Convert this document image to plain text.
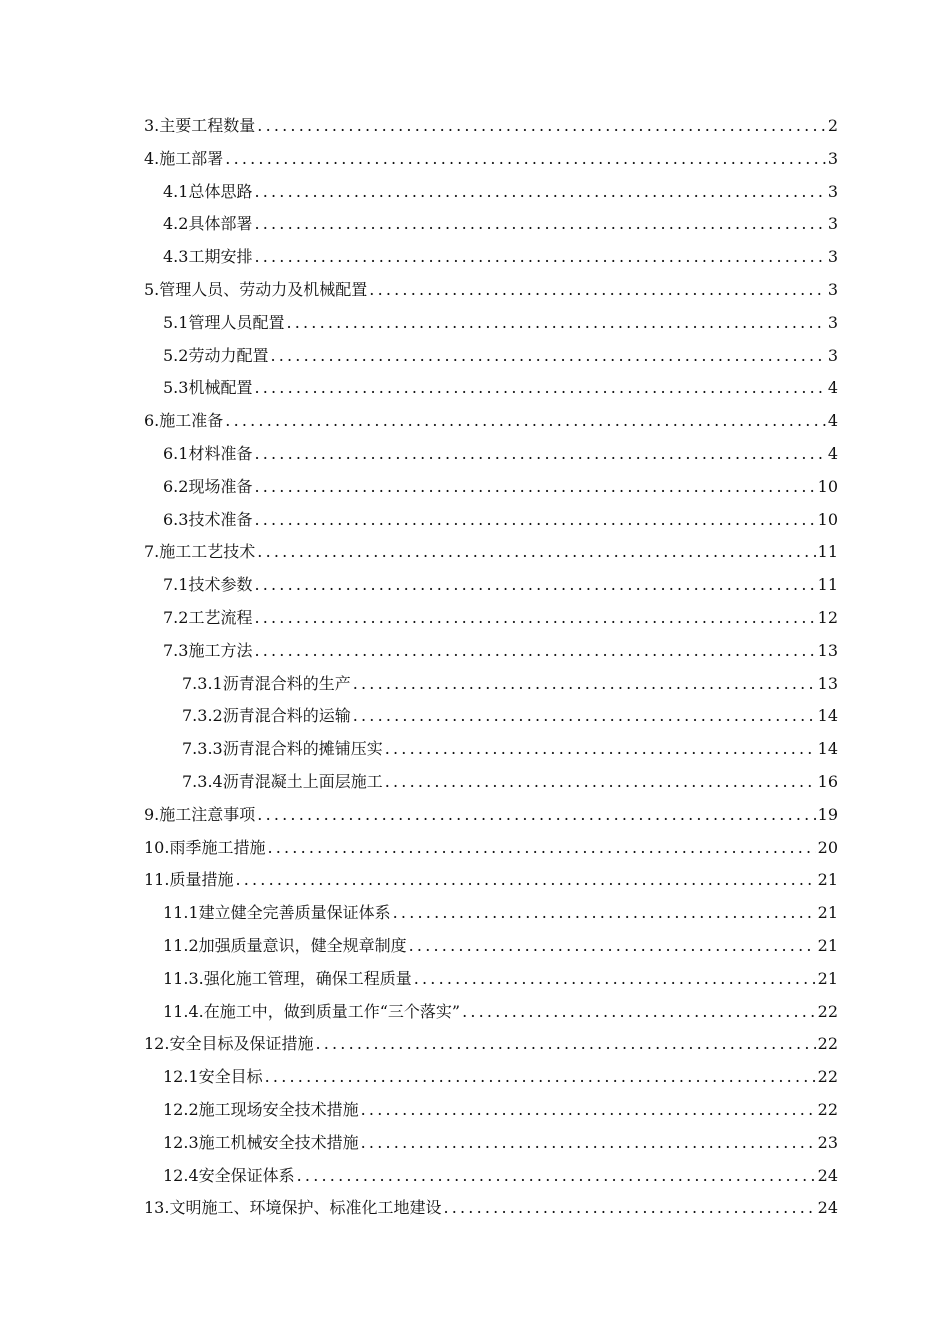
3.主要工程数量 .....	2
4.施工部署 .....	3
4.1总体思路 .....	3
4.2具体部署 .....	3
4.3工期安排 .....	3
5.管理人员、劳动力及机械配置 .....	3
5.1管理人员配置 .....	3
5.2劳动力配置 .....	3
5.3机械配置 .....	4
6.施工准备 .....	4
6.1材料准备 .....	4
6.2现场准备 .....	10
6.3技术准备 .....	10
7.施工工艺技术 .....	11
7.1技术参数 .....	11
7.2工艺流程 .....	12
7.3施工方法 .....	13
7.3.1沥青混合料的生产 .....	13
7.3.2沥青混合料的运输 .....	14
7.3.3沥青混合料的摊铺压实 .....	14
7.3.4沥青混凝土上面层施工 .....	16
9.施工注意事项 .....	19
10.雨季施工措施 .....	20
11.质量措施 .....	21
11.1建立健全完善质量保证体系 .....	21
11.2加强质量意识，健全规章制度 .....	21
11.3.强化施工管理，确保工程质量 .....	21
11.4.在施工中，做到质量工作“三个落实” .....	22
12.安全目标及保证措施 .....	22
12.1安全目标 .....	22
12.2施工现场安全技术措施 .....	22
12.3施工机械安全技术措施 .....	23
12.4安全保证体系 .....	24
13.文明施工、环境保护、标准化工地建设 .....	24
